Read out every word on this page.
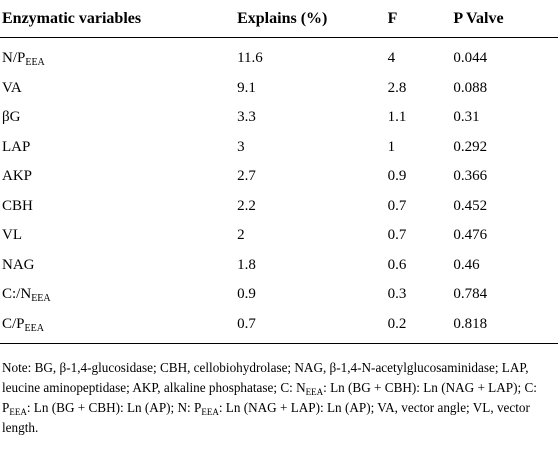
Enzymatic variables	Explains (%)	F	P Valve
$N/P_{EEA}$	11.6	4	0.044
VA	9.1	2.8	0.088
βG	3.3	1.1	0.31
LAP	3	1	0.292
AKP	2.7	0.9	0.366
CBH	2.2	0.7	0.452
VL	2	0.7	0.476
NAG	1.8	0.6	0.46
$C:/N_{EEA}$	0.9	0.3	0.784
$C/P_{EEA}$	0.7	0.2	0.818

Note: BG, β-1,4-glucosidase; CBH, cellobiohydrolase; NAG, β-1,4-N-acetylglucosaminidase; LAP, leucine aminopeptidase; AKP, alkaline phosphatase; C: $N_{EEA}$: Ln (BG + CBH): Ln (NAG + LAP); C: $P_{EEA}$: Ln (BG + CBH): Ln (AP); N: $P_{EEA}$: Ln (NAG + LAP): Ln (AP); VA, vector angle; VL, vector length.
